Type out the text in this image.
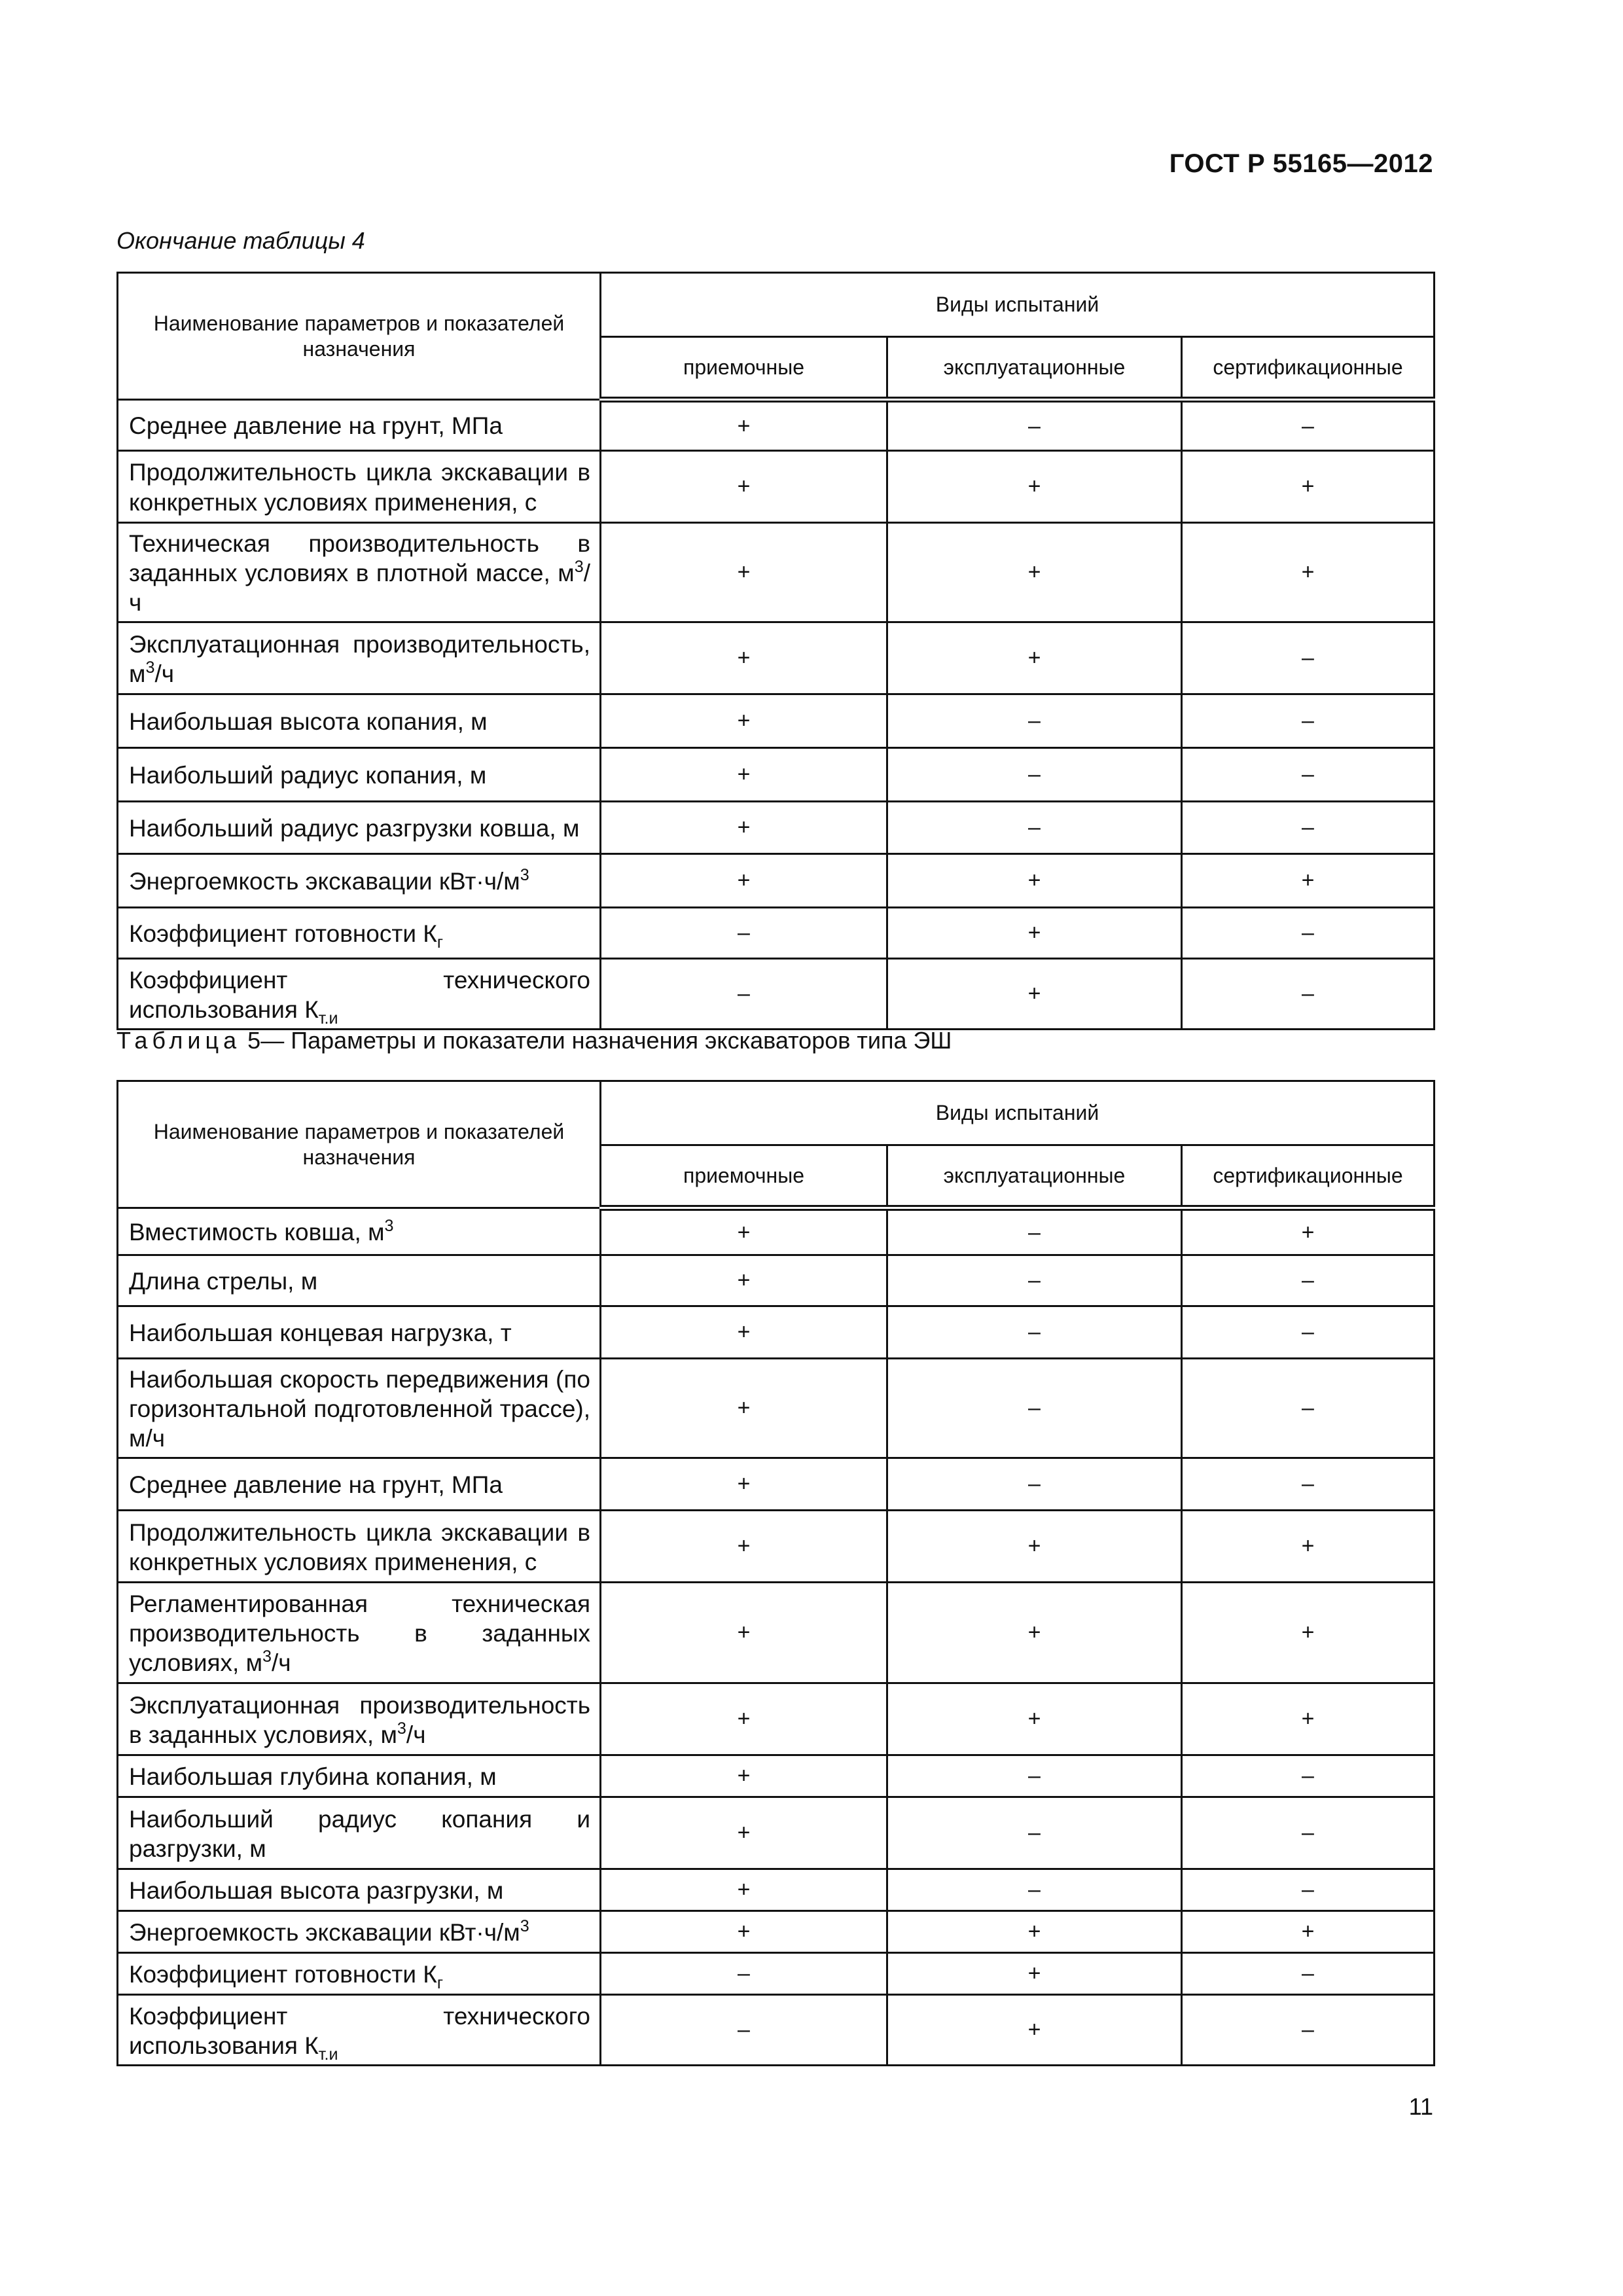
ГОСТ Р 55165—2012
Окончание таблицы 4
Наименование параметров и показателей назначения	Виды испытаний		
	приемочные	эксплуатационные	сертификационные
Среднее давление на грунт, МПа	+	–	–
Продолжительность цикла экскавации в конкретных условиях применения, с	+	+	+
Техническая производительность в заданных условиях в плотной массе, $м^3/ч$	+	+	+
Эксплуатационная производительность, $м^3/ч$	+	+	–
Наибольшая высота копания, м	+	–	–
Наибольший радиус копания, м	+	–	–
Наибольший радиус разгрузки ковша, м	+	–	–
Энергоемкость экскавации $кВт\cdot ч/м^3$	+	+	+
Коэффициент готовности $К_г$	–	+	–
Коэффициент технического использования $К_{т.и}$	–	+	–
Таблица 5— Параметры и показатели назначения экскаваторов типа ЭШ
Наименование параметров и показателей назначения	Виды испытаний		
	приемочные	эксплуатационные	сертификационные
Вместимость ковша, $м^3$	+	–	+
Длина стрелы, м	+	–	–
Наибольшая концевая нагрузка, т	+	–	–
Наибольшая скорость передвижения (по горизонтальной подготовленной трассе), м/ч	+	–	–
Среднее давление на грунт, МПа	+	–	–
Продолжительность цикла экскавации в конкретных условиях применения, с	+	+	+
Регламентированная техническая производительность в заданных условиях, $м^3/ч$	+	+	+
Эксплуатационная производительность в заданных условиях, $м^3/ч$	+	+	+
Наибольшая глубина копания, м	+	–	–
Наибольший радиус копания и разгрузки, м	+	–	–
Наибольшая высота разгрузки, м	+	–	–
Энергоемкость экскавации $кВт\cdot ч/м^3$	+	+	+
Коэффициент готовности $К_г$	–	+	–
Коэффициент технического использования $К_{т.и}$	–	+	–
11
